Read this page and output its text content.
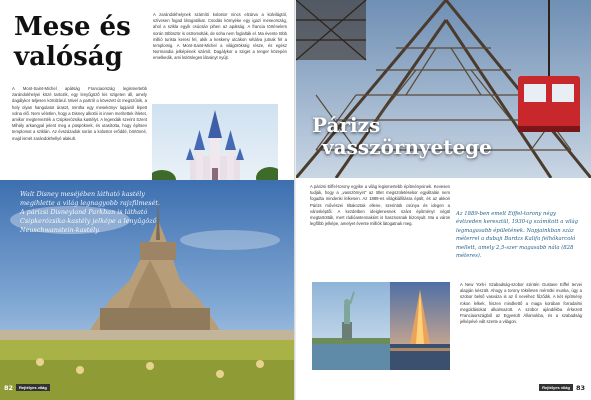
Mese és
valóság

A Mont-Saint-Michel apátság Franciaország legismertebb zarándokhelyei közé tartozik, egy lenyűgöző kis szigeten áll, amely dagálykor teljesen körülzárul. Mivel a partról a kövezett út megszűnik, a hely olyan hangulatot áraszt, mintha egy mesekönyv lapjairól lépett volna elő. Nem véletlen, hogy a Disney alkotói is innen merítettek ihletet, amikor megtervezték a Csipkerózsika kastélyt. A legendák szerint Szent Mihály arkangyal jelent meg a püspöknek, és utasította, hogy építsen templomot a sziklán. Az évszázadok során a kolostor erőddé, börtönné, majd ismét zarándokhellyé alakult.

A zarándokhelynek számító kolostor nincs elzárva a külvilágtól, szívesen fogad látogatókat. Csodás környéke egy igazi meseország, ahol a szikla egyik csúcsán pihen az apátság. A francia történelem során többször is ostromolták, de soha nem foglalták el. Ma évente több millió turista keresi fel, akik a keskeny utcákon sétálva jutnak fel a templomig. A Mont-Saint-Michel a világörökség része, és egész Normandia jelképének számít. Dagálykor a sziget a tenger közepén emelkedik, ami különleges látványt nyújt.

Walt Disney meséjében látható kastély megihlette a világ legnagyobb rajzfilmesét. A párizsi Disneyland Parkban is látható Csipkerózsika-kastély jelképe a lenyűgöző Neuschwanstein-kastély.

82	Rejtélyes világ
Párizs
vasszörnyetege

A párizsi Eiffel-torony egyike a világ legismertebb építményeinek. Kevesen tudják, hogy a „vasszörnyet” az ötlet megszületésekor egyáltalán nem fogadta mindenki lelkesen. Az 1889-es világkiállításra épült, és az akkori Párizs művészei tiltakoztak ellene, szerintük csúnya és idegen a városképtől. A kezdetben ideiglenesnek szánt építményt végül megtartották, mert rádióantennaként is hasznosnak bizonyult. Ma a város legfőbb jelképe, amelyet évente milliók látogatnak meg.

Az 1889-ben emelt Eiffel-torony négy évtizeden keresztül, 1930-ig számított a világ legmagasabb épületének. Napjainkban száz méterrel a dubaji Burdzs Kalifa felhőkarcoló mellett, amely 2,5-szer magasabb nála (828 méteres).

A New York-i Szabadság-szobor szintén Gustave Eiffel tervei alapján készült. Ahogy a torony tökéletes mérnöki munka, úgy a szobor belső vasváza is az ő nevéhez fűződik. A két építmény rokon lelkek, hiszen mindkettő a maga korában forradalmi megoldásokat alkalmazott. A szobor ajándékba érkezett Franciaországból az Egyesült Államokba, és a szabadság jelképévé vált szerte a világon.

Rejtélyes világ 83
